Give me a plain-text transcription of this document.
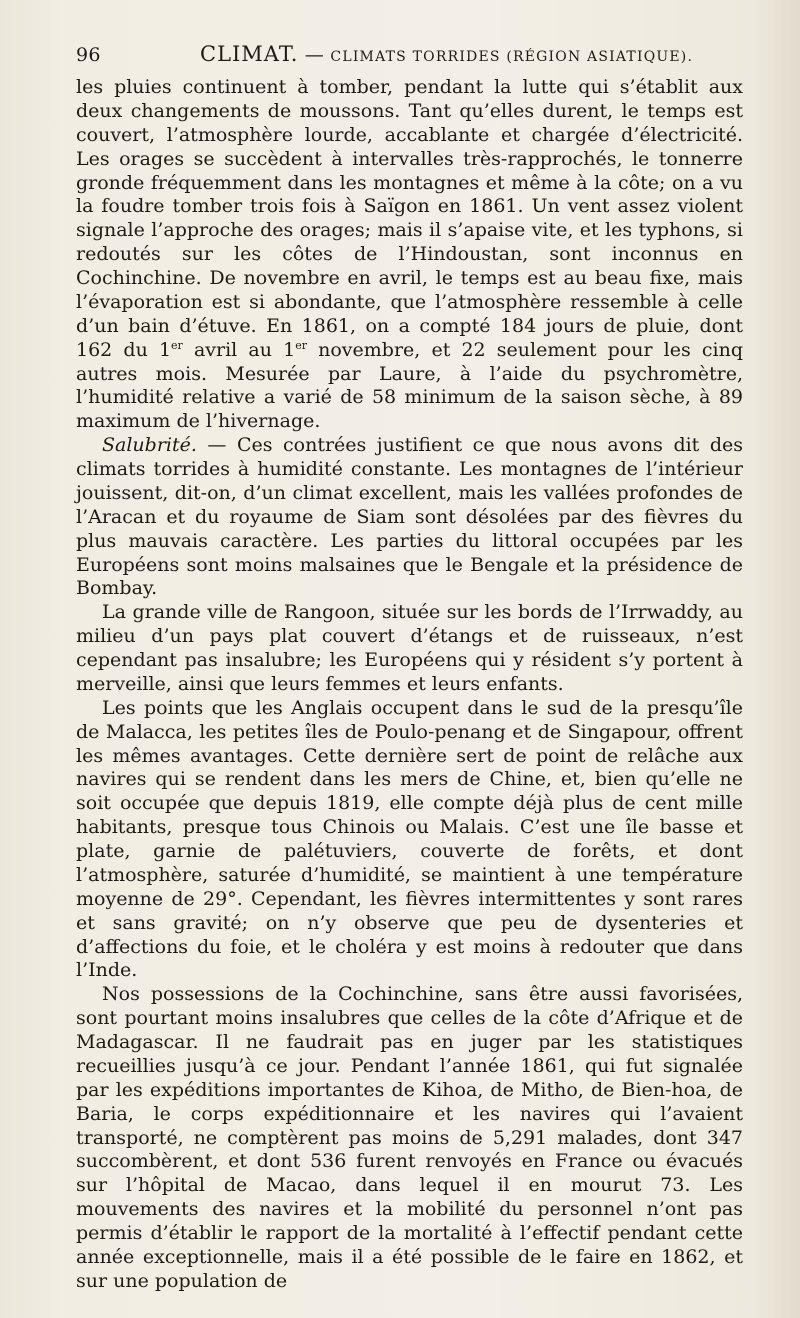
96	CLIMAT. — CLIMATS TORRIDES (RÉGION ASIATIQUE).

les pluies continuent à tomber, pendant la lutte qui s’établit aux deux changements de moussons. Tant qu’elles durent, le temps est couvert, l’atmosphère lourde, accablante et chargée d’électricité. Les orages se succèdent à intervalles très-rapprochés, le tonnerre gronde fréquemment dans les montagnes et même à la côte; on a vu la foudre tomber trois fois à Saïgon en 1861. Un vent assez violent signale l’approche des orages; mais il s’apaise vite, et les typhons, si redoutés sur les côtes de l’Hindoustan, sont inconnus en Cochinchine. De novembre en avril, le temps est au beau fixe, mais l’évaporation est si abondante, que l’atmosphère ressemble à celle d’un bain d’étuve. En 1861, on a compté 184 jours de pluie, dont 162 du 1er avril au 1er novembre, et 22 seulement pour les cinq autres mois. Mesurée par Laure, à l’aide du psychromètre, l’humidité relative a varié de 58 minimum de la saison sèche, à 89 maximum de l’hivernage.

Salubrité. — Ces contrées justifient ce que nous avons dit des climats torrides à humidité constante. Les montagnes de l’intérieur jouissent, dit-on, d’un climat excellent, mais les vallées profondes de l’Aracan et du royaume de Siam sont désolées par des fièvres du plus mauvais caractère. Les parties du littoral occupées par les Européens sont moins malsaines que le Bengale et la présidence de Bombay.

La grande ville de Rangoon, située sur les bords de l’Irrwaddy, au milieu d’un pays plat couvert d’étangs et de ruisseaux, n’est cependant pas insalubre; les Européens qui y résident s’y portent à merveille, ainsi que leurs femmes et leurs enfants.

Les points que les Anglais occupent dans le sud de la presqu’île de Malacca, les petites îles de Poulo-penang et de Singapour, offrent les mêmes avantages. Cette dernière sert de point de relâche aux navires qui se rendent dans les mers de Chine, et, bien qu’elle ne soit occupée que depuis 1819, elle compte déjà plus de cent mille habitants, presque tous Chinois ou Malais. C’est une île basse et plate, garnie de palétuviers, couverte de forêts, et dont l’atmosphère, saturée d’humidité, se maintient à une température moyenne de 29°. Cependant, les fièvres intermittentes y sont rares et sans gravité; on n’y observe que peu de dysenteries et d’affections du foie, et le choléra y est moins à redouter que dans l’Inde.

Nos possessions de la Cochinchine, sans être aussi favorisées, sont pourtant moins insalubres que celles de la côte d’Afrique et de Madagascar. Il ne faudrait pas en juger par les statistiques recueillies jusqu’à ce jour. Pendant l’année 1861, qui fut signalée par les expéditions importantes de Kihoa, de Mitho, de Bien-hoa, de Baria, le corps expéditionnaire et les navires qui l’avaient transporté, ne comptèrent pas moins de 5,291 malades, dont 347 succombèrent, et dont 536 furent renvoyés en France ou évacués sur l’hôpital de Macao, dans lequel il en mourut 73. Les mouvements des navires et la mobilité du personnel n’ont pas permis d’établir le rapport de la mortalité à l’effectif pendant cette année exceptionnelle, mais il a été possible de le faire en 1862, et sur une population de
